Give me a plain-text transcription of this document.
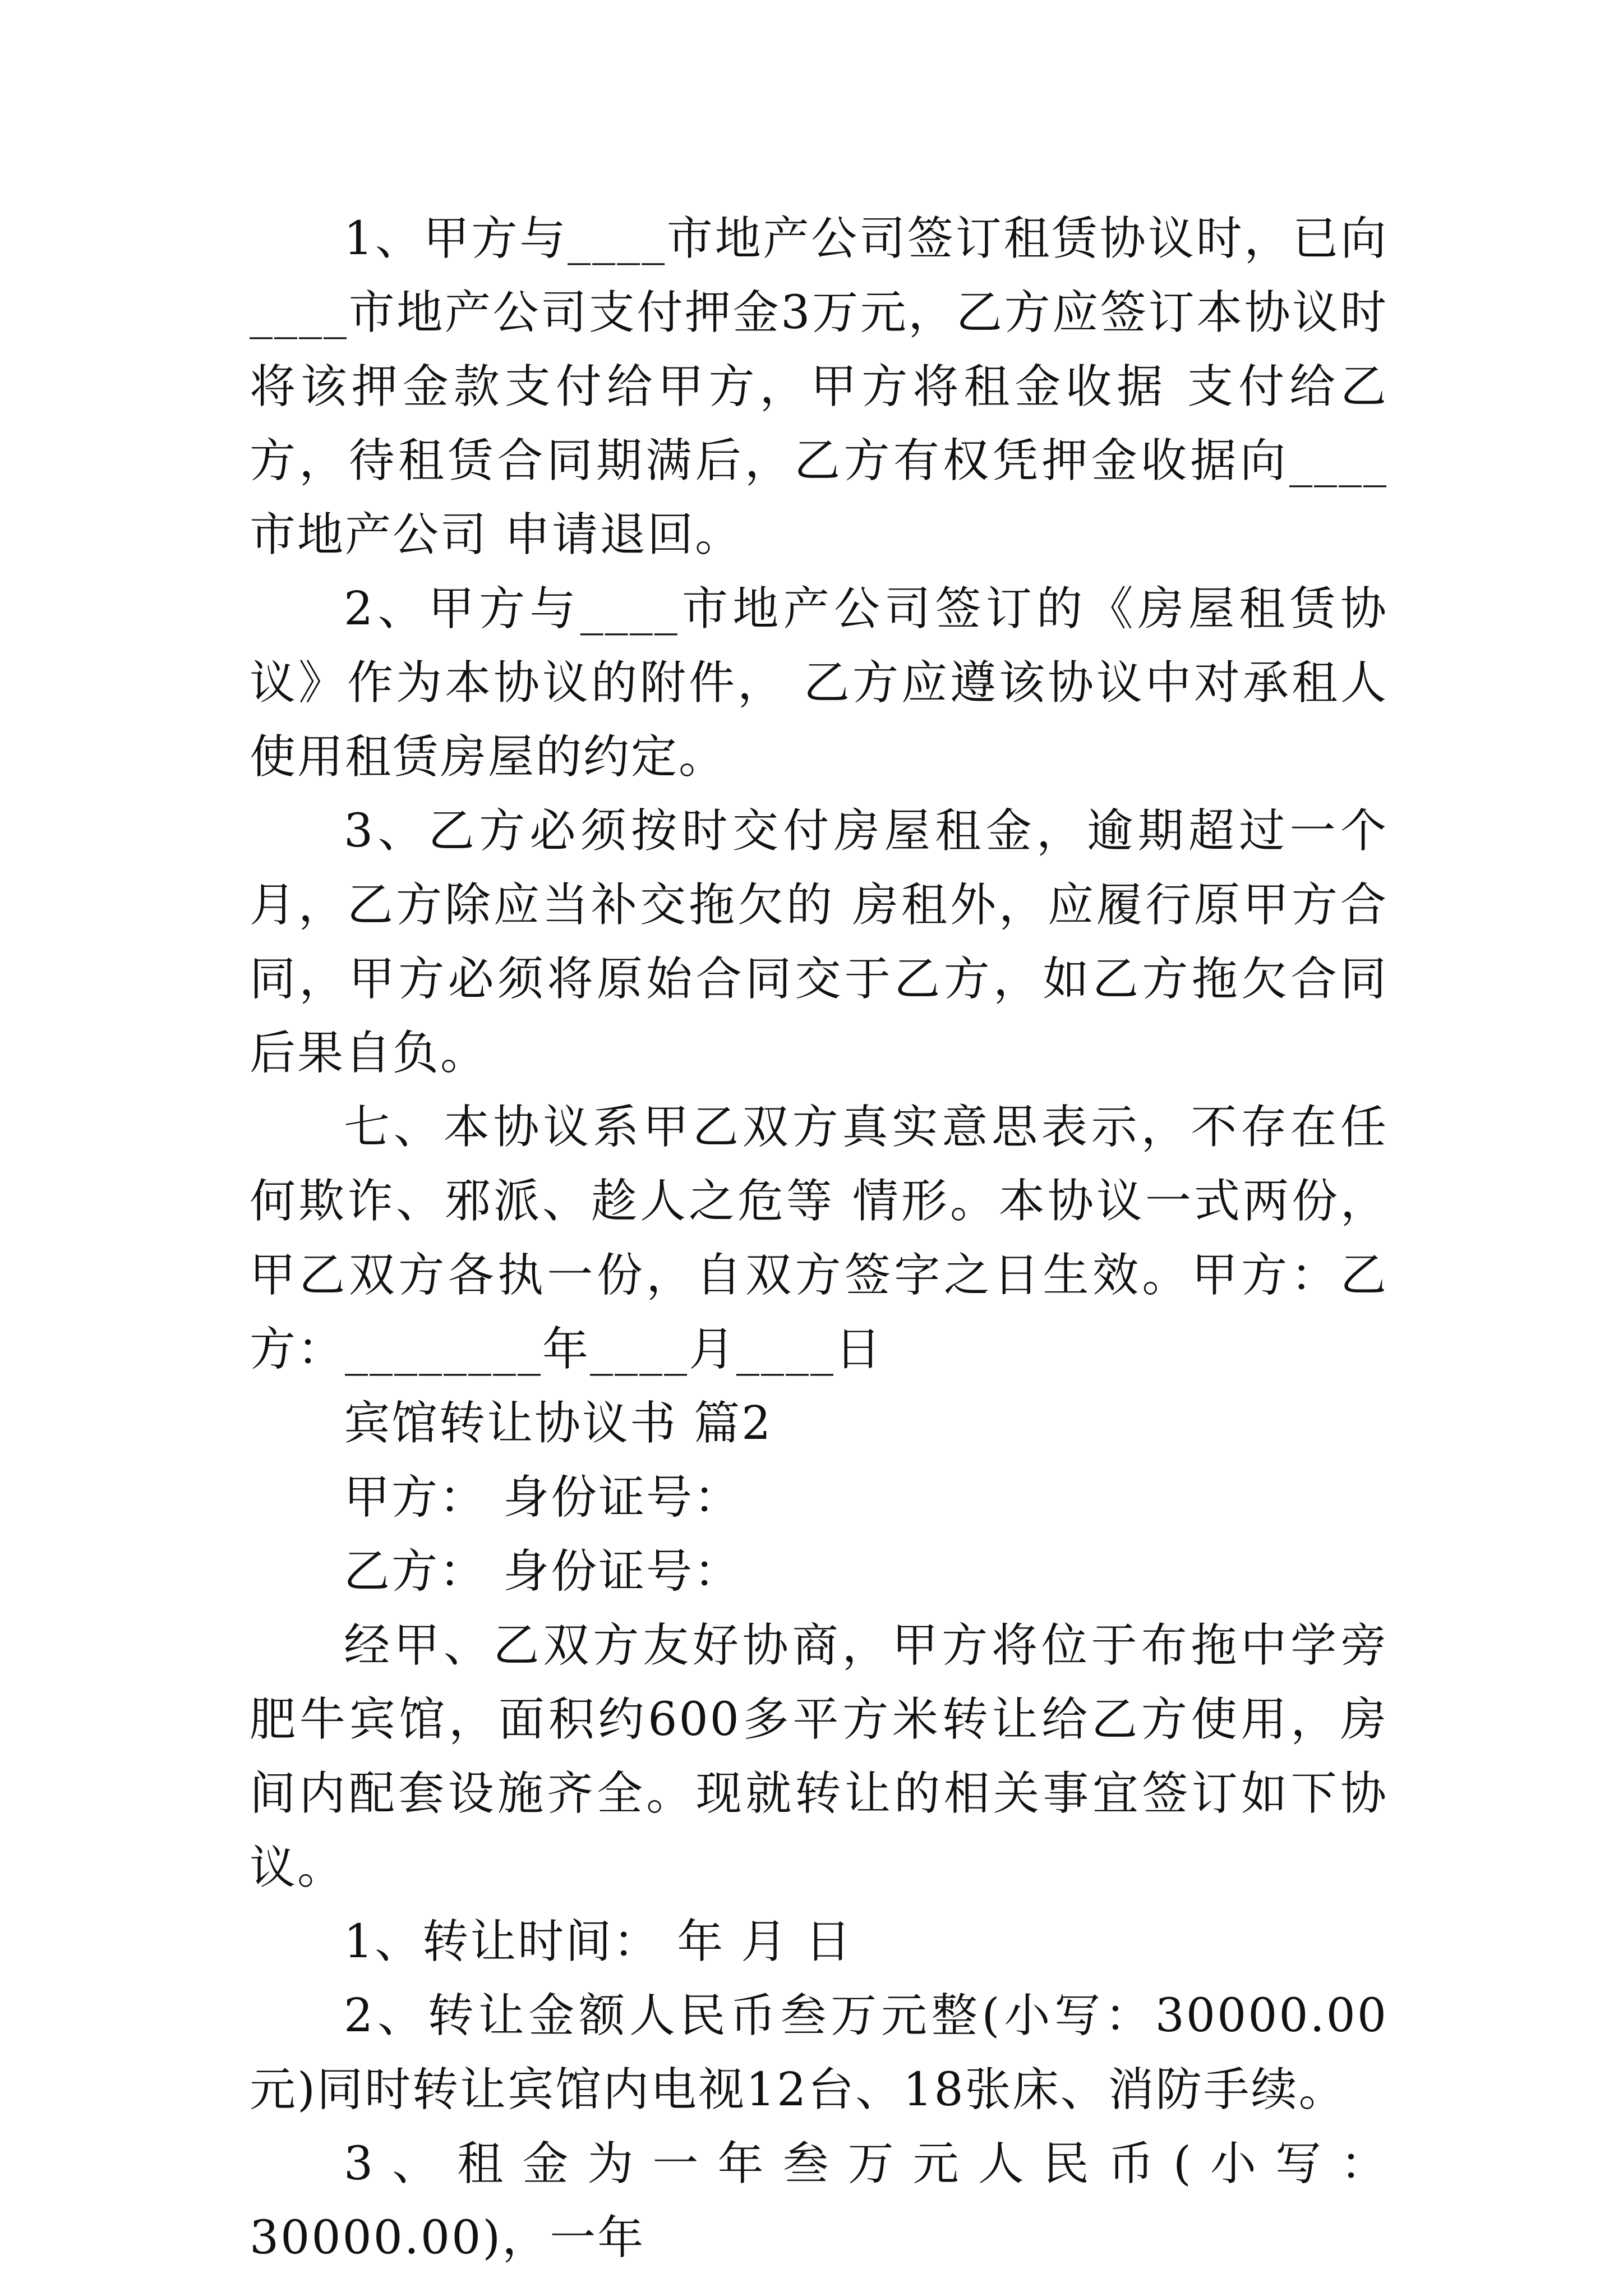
1、甲方与____市地产公司签订租赁协议时，已向____市地产公司支付押金3万元，乙方应签订本协议时将该押金款支付给甲方，甲方将租金收据 支付给乙方，待租赁合同期满后，乙方有权凭押金收据向____市地产公司 申请退回。

2、甲方与____市地产公司签订的《房屋租赁协议》作为本协议的附件， 乙方应遵该协议中对承租人使用租赁房屋的约定。

3、乙方必须按时交付房屋租金，逾期超过一个月，乙方除应当补交拖欠的 房租外，应履行原甲方合同，甲方必须将原始合同交于乙方，如乙方拖欠合同 后果自负。

七、本协议系甲乙双方真实意思表示，不存在任何欺诈、邪派、趁人之危等 情形。本协议一式两份，甲乙双方各执一份，自双方签字之日生效。甲方：乙方：________年____月____日

宾馆转让协议书 篇2

甲方： 身份证号：

乙方： 身份证号：

经甲、乙双方友好协商，甲方将位于布拖中学旁肥牛宾馆，面积约600多平方米转让给乙方使用，房间内配套设施齐全。现就转让的相关事宜签订如下协议。

1、转让时间： 年 月 日

2、转让金额人民币叁万元整(小写：30000.00元)同时转让宾馆内电视12台、18张床、消防手续。

3、租金为一年叁万元人民币(小写：30000.00)，一年
